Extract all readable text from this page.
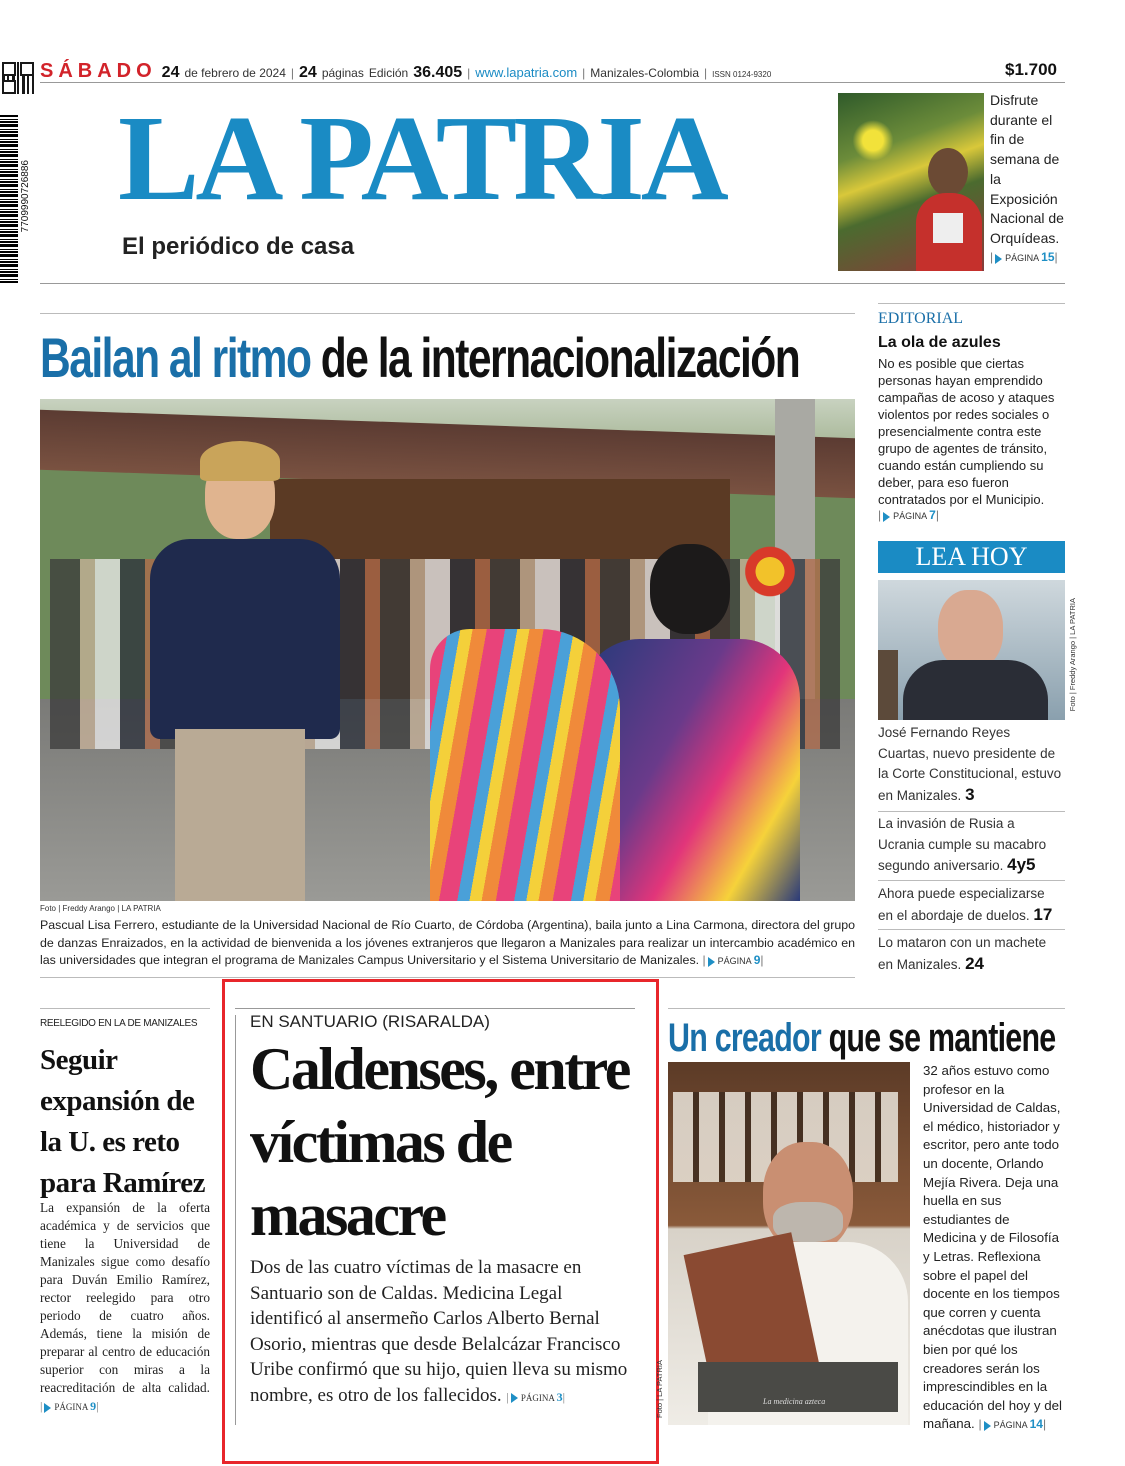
7709990726886
SÁBADO 24 de febrero de 2024 | 24 páginas Edición 36.405 | www.lapatria.com | Manizales-Colombia | ISSN 0124-9320	$1.700
LA PATRIA
El periódico de casa
Disfrute durante el fin de semana de la Exposición Nacional de Orquídeas.
| PÁGINA 15|
Bailan al ritmo de la internacionalización
Foto | Freddy Arango | LA PATRIA
Pascual Lisa Ferrero, estudiante de la Universidad Nacional de Río Cuarto, de Córdoba (Argentina), baila junto a Lina Carmona, directora del grupo de danzas Enraizados, en la actividad de bienvenida a los jóvenes extranjeros que llegaron a Manizales para realizar un intercambio académico en las universidades que integran el programa de Manizales Campus Universitario y el Sistema Universitario de Manizales. | PÁGINA 9|
EDITORIAL
La ola de azules
No es posible que ciertas personas hayan emprendido campañas de acoso y ataques violentos por redes sociales o presencialmente contra este grupo de agentes de tránsito, cuando están cumpliendo su deber, para eso fueron contratados por el Municipio.
| PÁGINA 7|
LEA HOY
Foto | Freddy Arango | LA PATRIA
José Fernando Reyes Cuartas, nuevo presidente de la Corte Constitucional, estuvo en Manizales. 3
La invasión de Rusia a Ucrania cumple su macabro segundo aniversario. 4y5
Ahora puede especializarse en el abordaje de duelos. 17
Lo mataron con un machete en Manizales. 24
REELEGIDO EN LA DE MANIZALES
Seguir expansión de la U. es reto para Ramírez
La expansión de la oferta académica y de servicios que tiene la Universidad de Manizales sigue como desafío para Duván Emilio Ramírez, rector reelegido para otro periodo de cuatro años. Además, tiene la misión de preparar al centro de educación superior con miras a la reacreditación de alta calidad. | PÁGINA 9|
EN SANTUARIO (RISARALDA)
Caldenses, entre víctimas de masacre
Dos de las cuatro víctimas de la masacre en Santuario son de Caldas. Medicina Legal identificó al ansermeño Carlos Alberto Bernal Osorio, mientras que desde Belalcázar Francisco Uribe confirmó que su hijo, quien lleva su mismo nombre, es otro de los fallecidos. | PÁGINA 3|
Un creador que se mantiene
La medicina azteca
Foto | LA PATRIA
32 años estuvo como profesor en la Universidad de Caldas, el médico, historiador y escritor, pero ante todo un docente, Orlando Mejía Rivera. Deja una huella en sus estudiantes de Medicina y de Filosofía y Letras. Reflexiona sobre el papel del docente en los tiempos que corren y cuenta anécdotas que ilustran bien por qué los creadores serán los imprescindibles en la educación del hoy y del mañana. | PÁGINA 14|
